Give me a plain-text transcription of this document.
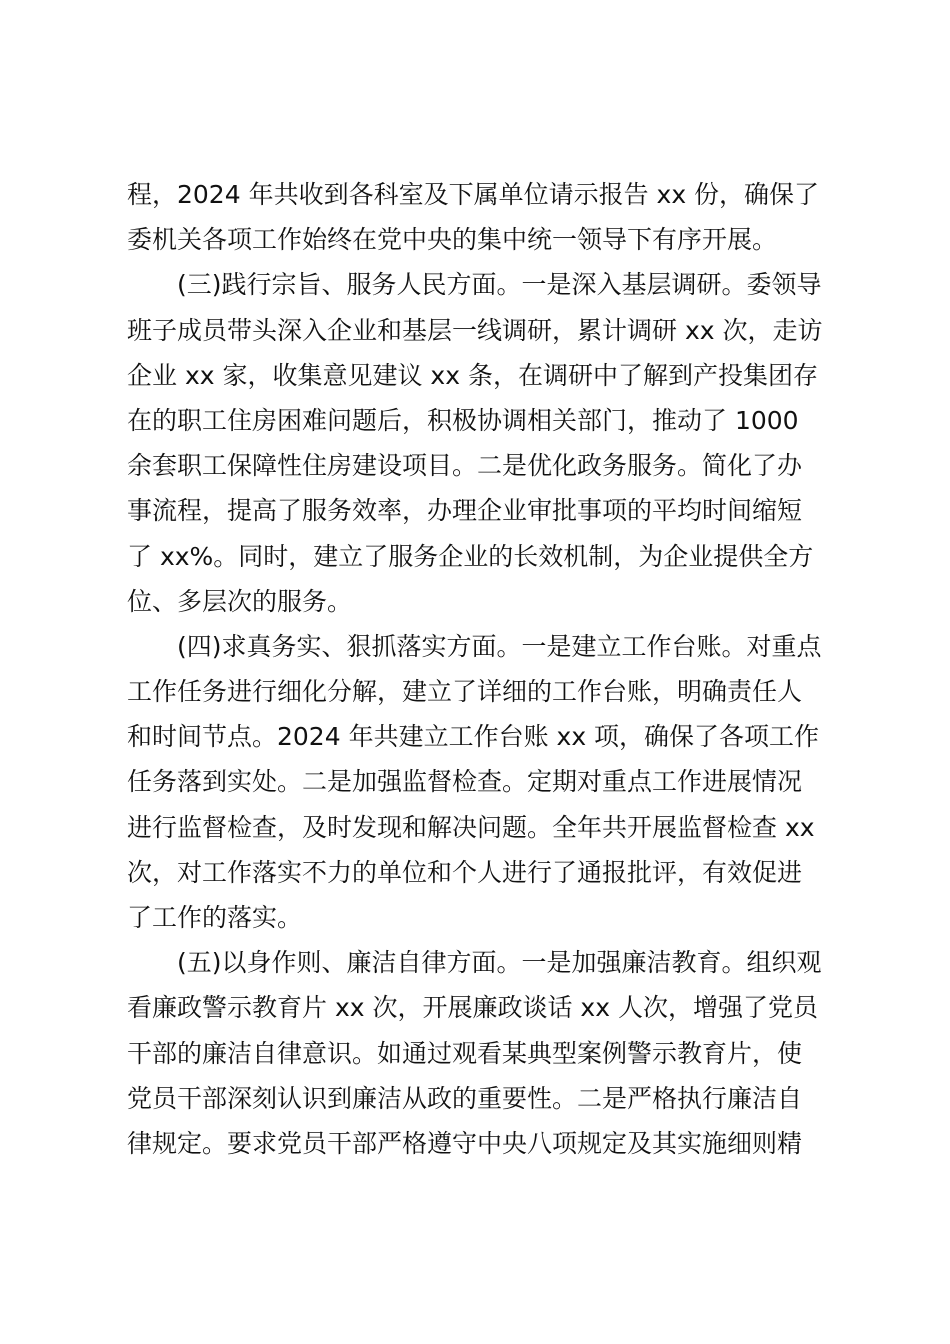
程，2024 年共收到各科室及下属单位请示报告 xx 份，确保了
委机关各项工作始终在党中央的集中统一领导下有序开展。
(三)践行宗旨、服务人民方面。一是深入基层调研。委领导
班子成员带头深入企业和基层一线调研，累计调研 xx 次，走访
企业 xx 家，收集意见建议 xx 条，在调研中了解到产投集团存
在的职工住房困难问题后，积极协调相关部门，推动了 1000
余套职工保障性住房建设项目。二是优化政务服务。简化了办
事流程，提高了服务效率，办理企业审批事项的平均时间缩短
了 xx%。同时，建立了服务企业的长效机制，为企业提供全方
位、多层次的服务。
(四)求真务实、狠抓落实方面。一是建立工作台账。对重点
工作任务进行细化分解，建立了详细的工作台账，明确责任人
和时间节点。2024 年共建立工作台账 xx 项，确保了各项工作
任务落到实处。二是加强监督检查。定期对重点工作进展情况
进行监督检查，及时发现和解决问题。全年共开展监督检查 xx
次，对工作落实不力的单位和个人进行了通报批评，有效促进
了工作的落实。
(五)以身作则、廉洁自律方面。一是加强廉洁教育。组织观
看廉政警示教育片 xx 次，开展廉政谈话 xx 人次，增强了党员
干部的廉洁自律意识。如通过观看某典型案例警示教育片，使
党员干部深刻认识到廉洁从政的重要性。二是严格执行廉洁自
律规定。要求党员干部严格遵守中央八项规定及其实施细则精
